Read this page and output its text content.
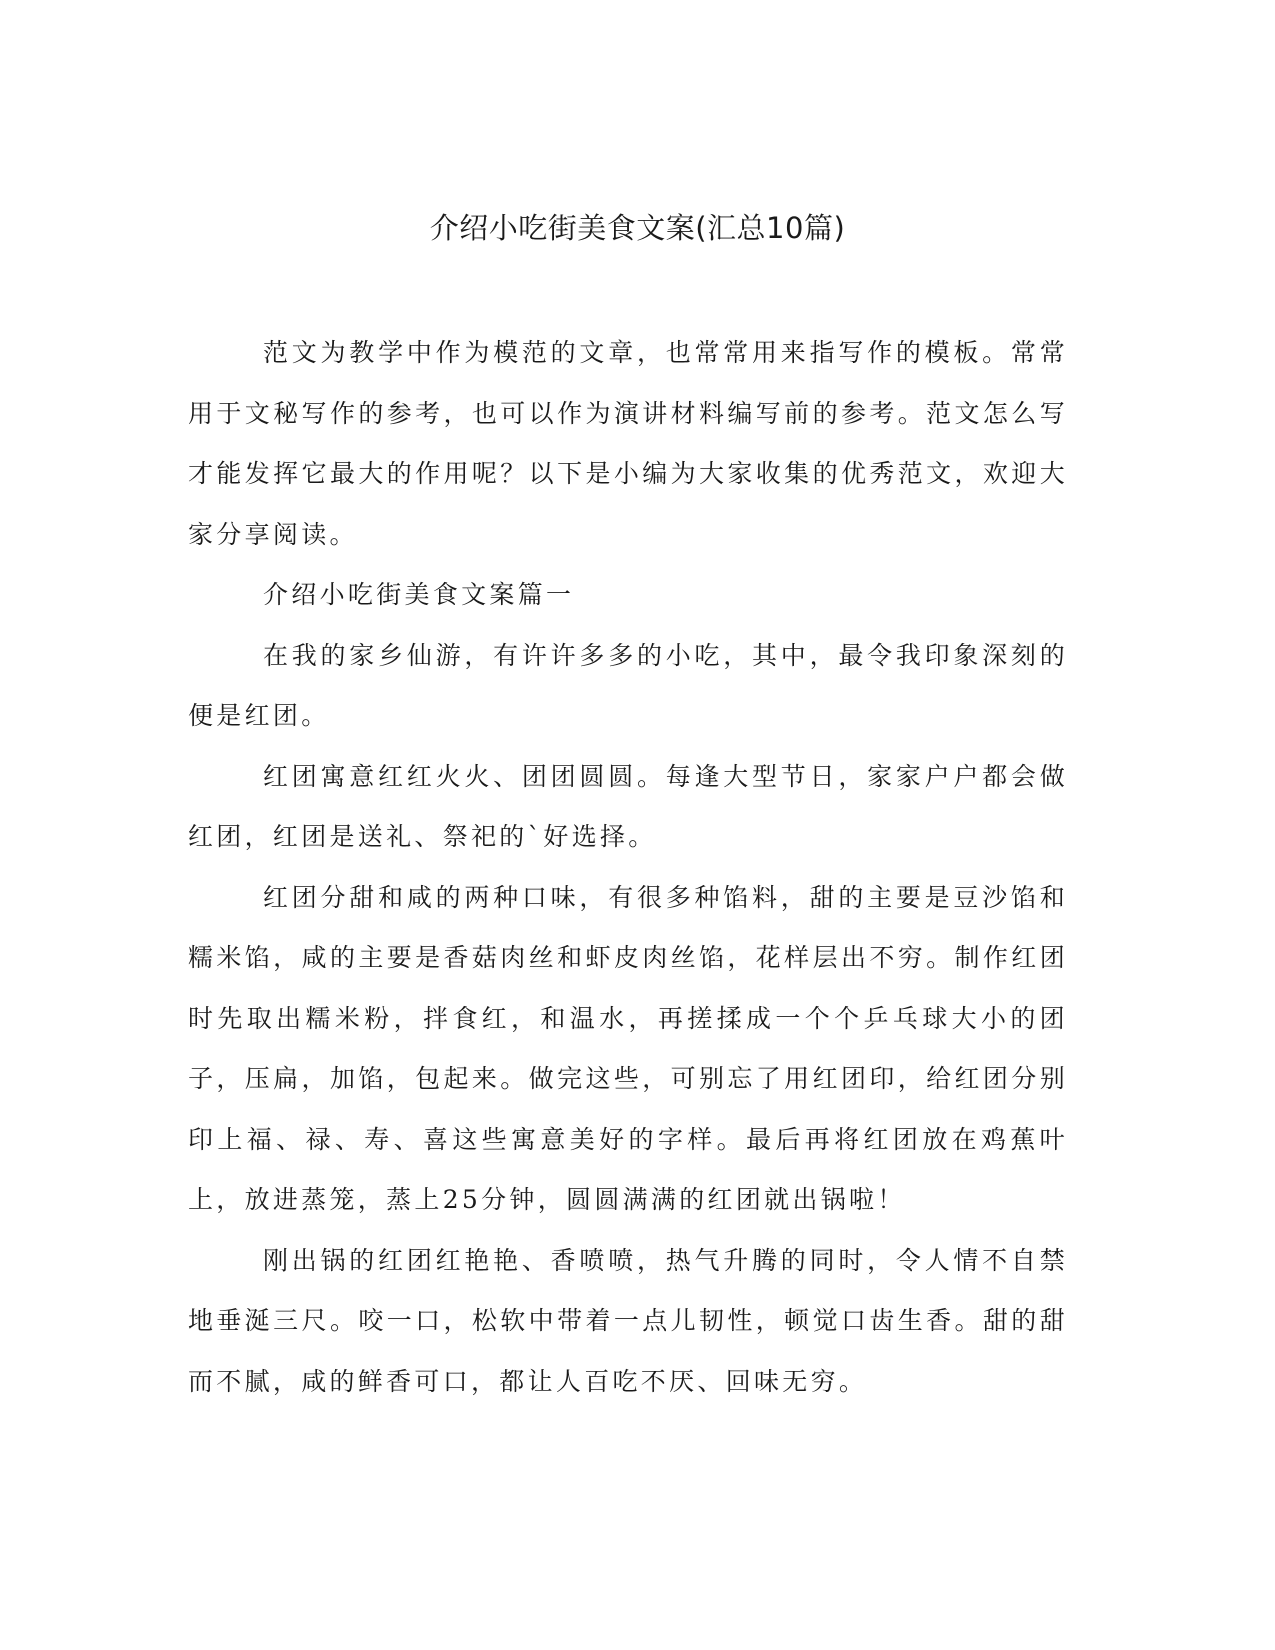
介绍小吃街美食文案(汇总10篇)

范文为教学中作为模范的文章，也常常用来指写作的模板。常常用于文秘写作的参考，也可以作为演讲材料编写前的参考。范文怎么写才能发挥它最大的作用呢？以下是小编为大家收集的优秀范文，欢迎大家分享阅读。

介绍小吃街美食文案篇一

在我的家乡仙游，有许许多多的小吃，其中，最令我印象深刻的便是红团。

红团寓意红红火火、团团圆圆。每逢大型节日，家家户户都会做红团，红团是送礼、祭祀的`好选择。

红团分甜和咸的两种口味，有很多种馅料，甜的主要是豆沙馅和糯米馅，咸的主要是香菇肉丝和虾皮肉丝馅，花样层出不穷。制作红团时先取出糯米粉，拌食红，和温水，再搓揉成一个个乒乓球大小的团子，压扁，加馅，包起来。做完这些，可别忘了用红团印，给红团分别印上福、禄、寿、喜这些寓意美好的字样。最后再将红团放在鸡蕉叶上，放进蒸笼，蒸上25分钟，圆圆满满的红团就出锅啦！

刚出锅的红团红艳艳、香喷喷，热气升腾的同时，令人情不自禁地垂涎三尺。咬一口，松软中带着一点儿韧性，顿觉口齿生香。甜的甜而不腻，咸的鲜香可口，都让人百吃不厌、回味无穷。
